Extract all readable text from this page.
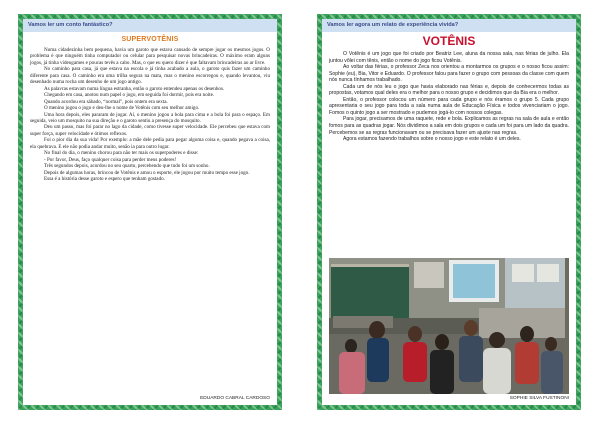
Vamos ler um conto fantástico?
SUPERVOTÊNIS

Numa cidadezinha bem pequena, havia um garoto que estava cansado de sempre jogar os mesmos jogos. O problema é que ninguém tinha computador ou celular para pesquisar novas brincadeiras. O máximo eram alguns jogos, já tinha videogames e poucas tevês a cabo. Mas, o que eu quero dizer é que faltavam brincadeiras ao ar livre.

No caminho para casa, já que estava na escola e já tinha acabado a aula, o garoto quis fazer um caminho diferente para casa. O caminho era uma trilha segura na mata, mas o menino escorregou e, quando levantou, viu desenhado numa rocha um desenho de um jogo antigo.

As palavras estavam numa língua estranha, então o garoto entendeu apenas os desenhos.

Chegando em casa, anotou num papel o jogo, em seguida foi dormir, pois era noite.

Quando acordou era sábado, “normal”, pois ontem era sexta.

O menino jogou o jogo e deu-lhe o nome de Votênis com seu melhor amigo.

Uma hora depois, eles pararam de jogar. Aí, o menino jogou a bola para cima e a bola foi para o espaço. Em seguida, veio um mosquito na sua direção e o garoto sentiu a presença do mosquito.

Deu um passo, mas foi parar no lago da cidade, como tivesse super velocidade. Ele percebeu que estava com super força, super velocidade e ótimos reflexos.

Foi o pior dia da sua vida! Por exemplo: a mãe dele pedia para pegar alguma coisa e, quando pegava a coisa, ela quebrava. E ele não podia andar muito, senão ia para outro lugar.

No final do dia, o menino chorou para não ter mais os superpoderes e disse:

- Por favor, Deus, faço qualquer coisa para perder meus poderes!

Três segundos depois, acordou no seu quarto, percebendo que tudo foi um sonho.

Depois de algumas horas, brincou de Votênis e amou o esporte, ele jogou por muito tempo esse jogo.

Essa é a história desse garoto e espero que tenham gostado.

EDUARDO CABRAL CARDOSO
Vamos ler agora um relato de experiência vivida?
VOTÊNIS

O Votênis é um jogo que foi criado por Beatriz Lee, aluna da nossa sala, nas férias de julho. Ela juntou vôlei com tênis, então o nome do jogo ficou Votênis.

Ao voltar das férias, o professor Zeca nos orientou a montarmos os grupos e o nosso ficou assim: Sophie (eu), Bia, Vitor e Eduardo. O professor falou para fazer o grupo com pessoas da classe com quem nós nunca tínhamos trabalhado.

Cada um de nós leu o jogo que havia elaborado nas férias e, depois de conhecermos todas as propostas, votamos qual deles era o melhor para o nosso grupo e decidimos que da Bia era o melhor.

Então, o professor colocou um número para cada grupo e nós éramos o grupo 5. Cada grupo apresentaria o seu jogo para toda a sala numa aula de Educação Física e todos vivenciariam o jogo. Fomos o quinto jogo a ser mostrado e pudemos jogá-lo com nossos colegas.

Para jogar, precisamos de uma raquete, rede e bola. Explicamos as regras na sala de aula e então fomos para as quadras jogar. Nós dividimos a sala em dois grupos e cada um foi para um lado da quadra. Percebemos se as regras funcionavam ou se precisava fazer um ajuste nas regras.

Agora estamos fazendo trabalhos sobre o nosso jogo e este relato é um deles.

SOPHIE SILVA FUSTINONI
